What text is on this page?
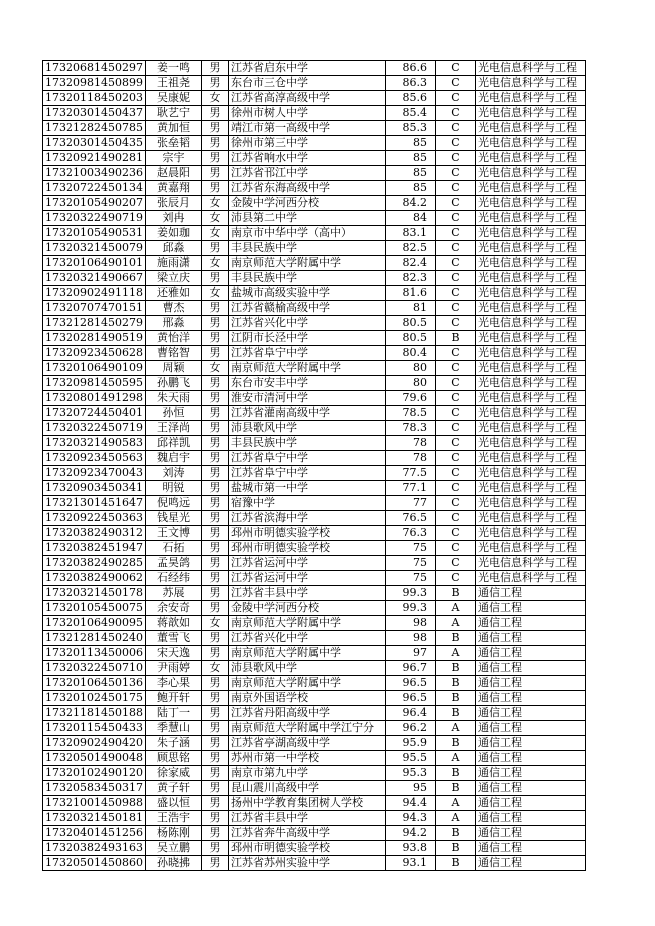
17320681450297	姜一鸣	男	江苏省启东中学	86.6	C	光电信息科学与工程
17320981450899	王祖尧	男	东台市三仓中学	86.3	C	光电信息科学与工程
17320118450203	吴康妮	女	江苏省高淳高级中学	85.6	C	光电信息科学与工程
17320301450437	耿艺宁	男	徐州市树人中学	85.4	C	光电信息科学与工程
17321282450785	黄加恒	男	靖江市第一高级中学	85.3	C	光电信息科学与工程
17320301450435	张垒韬	男	徐州市第三中学	85	C	光电信息科学与工程
17320921490281	宗宇	男	江苏省响水中学	85	C	光电信息科学与工程
17321003490236	赵晨阳	男	江苏省邗江中学	85	C	光电信息科学与工程
17320722450134	黄嘉翔	男	江苏省东海高级中学	85	C	光电信息科学与工程
17320105490207	张辰月	女	金陵中学河西分校	84.2	C	光电信息科学与工程
17320322490719	刘冉	女	沛县第二中学	84	C	光电信息科学与工程
17320105490531	姜如珈	女	南京市中华中学（高中）	83.1	C	光电信息科学与工程
17320321450079	邱淼	男	丰县民族中学	82.5	C	光电信息科学与工程
17320106490101	施雨潇	女	南京师范大学附属中学	82.4	C	光电信息科学与工程
17320321490667	梁立庆	男	丰县民族中学	82.3	C	光电信息科学与工程
17320902491118	还雅如	女	盐城市高级实验中学	81.6	C	光电信息科学与工程
17320707470151	曹杰	男	江苏省赣榆高级中学	81	C	光电信息科学与工程
17321281450279	邢淼	男	江苏省兴化中学	80.5	C	光电信息科学与工程
17320281490519	黄怡洋	男	江阴市长泾中学	80.5	B	光电信息科学与工程
17320923450628	曹铭智	男	江苏省阜宁中学	80.4	C	光电信息科学与工程
17320106490109	周颖	女	南京师范大学附属中学	80	C	光电信息科学与工程
17320981450595	孙鹏飞	男	东台市安丰中学	80	C	光电信息科学与工程
17320801491298	朱天雨	男	淮安市清河中学	79.6	C	光电信息科学与工程
17320724450401	孙恒	男	江苏省灌南高级中学	78.5	C	光电信息科学与工程
17320322450719	王泽尚	男	沛县歌风中学	78.3	C	光电信息科学与工程
17320321490583	邱祥凯	男	丰县民族中学	78	C	光电信息科学与工程
17320923450563	魏启宇	男	江苏省阜宁中学	78	C	光电信息科学与工程
17320923470043	刘涛	男	江苏省阜宁中学	77.5	C	光电信息科学与工程
17320903450341	明锐	男	盐城市第一中学	77.1	C	光电信息科学与工程
17321301451647	倪鸣远	男	宿豫中学	77	C	光电信息科学与工程
17320922450363	钱星光	男	江苏省滨海中学	76.5	C	光电信息科学与工程
17320382490312	王文博	男	邳州市明德实验学校	76.3	C	光电信息科学与工程
17320382451947	石拓	男	邳州市明德实验学校	75	C	光电信息科学与工程
17320382490285	孟昊鸽	男	江苏省运河中学	75	C	光电信息科学与工程
17320382490062	石经纬	男	江苏省运河中学	75	C	光电信息科学与工程
17320321450178	苏展	男	江苏省丰县中学	99.3	B	通信工程
17320105450075	余安奇	男	金陵中学河西分校	99.3	A	通信工程
17320106490095	蒋歆如	女	南京师范大学附属中学	98	A	通信工程
17321281450240	董雪飞	男	江苏省兴化中学	98	B	通信工程
17320113450006	宋天逸	男	南京师范大学附属中学	97	A	通信工程
17320322450710	尹雨婷	女	沛县歌风中学	96.7	B	通信工程
17320106450136	李心果	男	南京师范大学附属中学	96.5	B	通信工程
17320102450175	鲍开轩	男	南京外国语学校	96.5	B	通信工程
17321181450188	陆丁一	男	江苏省丹阳高级中学	96.4	B	通信工程
17320115450433	季慧山	男	南京师范大学附属中学江宁分	96.2	A	通信工程
17320902490420	朱子涵	男	江苏省亭湖高级中学	95.9	B	通信工程
17320501490048	顾思铭	男	苏州市第一中学校	95.5	A	通信工程
17320102490120	徐家威	男	南京市第九中学	95.3	B	通信工程
17320583450317	黄子轩	男	昆山震川高级中学	95	B	通信工程
17321001450988	盛以恒	男	扬州中学教育集团树人学校	94.4	A	通信工程
17320321450181	王浩宇	男	江苏省丰县中学	94.3	A	通信工程
17320401451256	杨陈刚	男	江苏省奔牛高级中学	94.2	B	通信工程
17320382493163	吴立鹏	男	邳州市明德实验学校	93.8	B	通信工程
17320501450860	孙晓拂	男	江苏省苏州实验中学	93.1	B	通信工程
